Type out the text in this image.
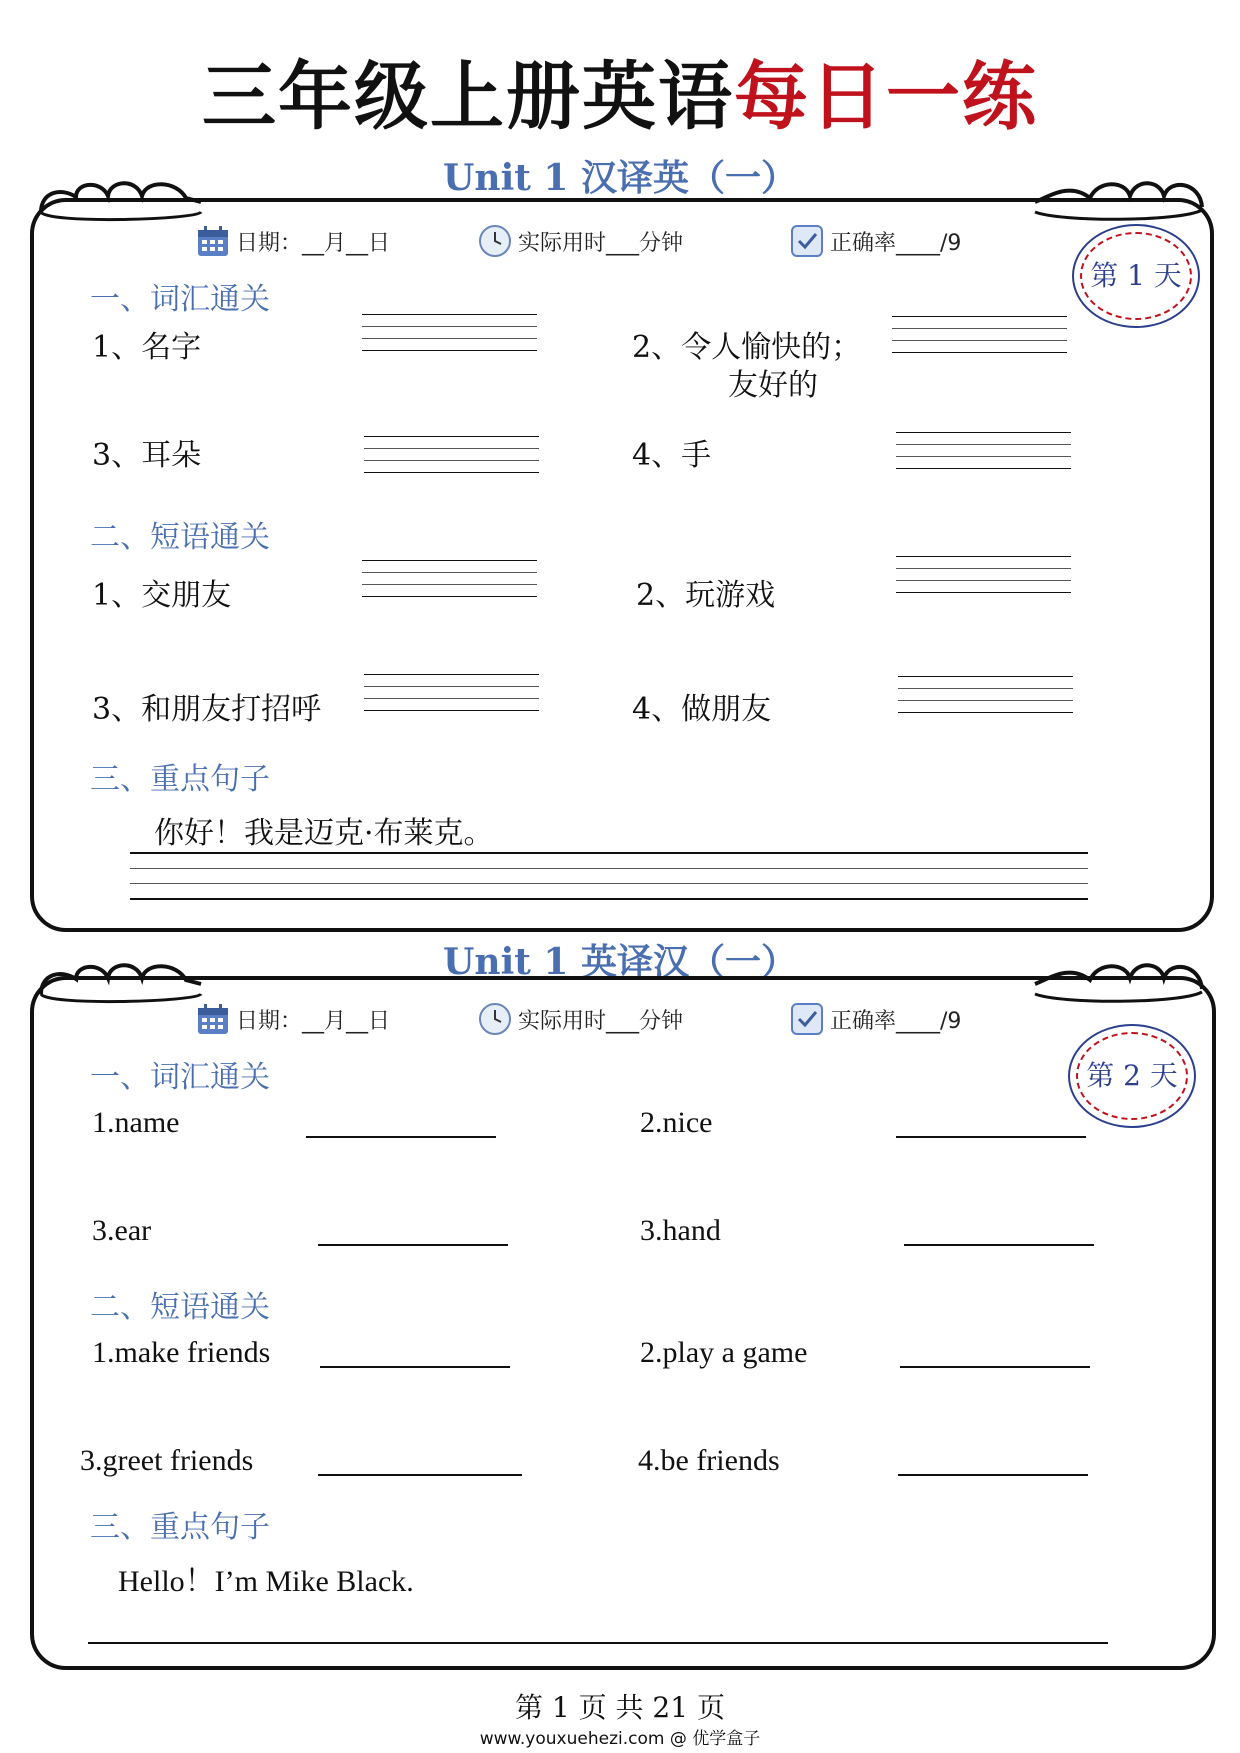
三年级上册英语每日一练
Unit 1 汉译英（一）
日期：__月__日	实际用时___分钟	正确率____/9
第 1 天
一、词汇通关
1、名字	2、令人愉快的；
友好的
3、耳朵	4、手
二、短语通关
1、交朋友	2、玩游戏
3、和朋友打招呼	4、做朋友
三、重点句子
你好！我是迈克·布莱克。
Unit 1 英译汉（一）
日期：__月__日	实际用时___分钟	正确率____/9
第 2 天
一、词汇通关
1.name	2.nice
3.ear	3.hand
二、短语通关
1.make friends	2.play a game
3.greet friends	4.be friends
三、重点句子
Hello！I’m Mike Black.
第 1 页 共 21 页
www.youxuehezi.com @ 优学盒子
